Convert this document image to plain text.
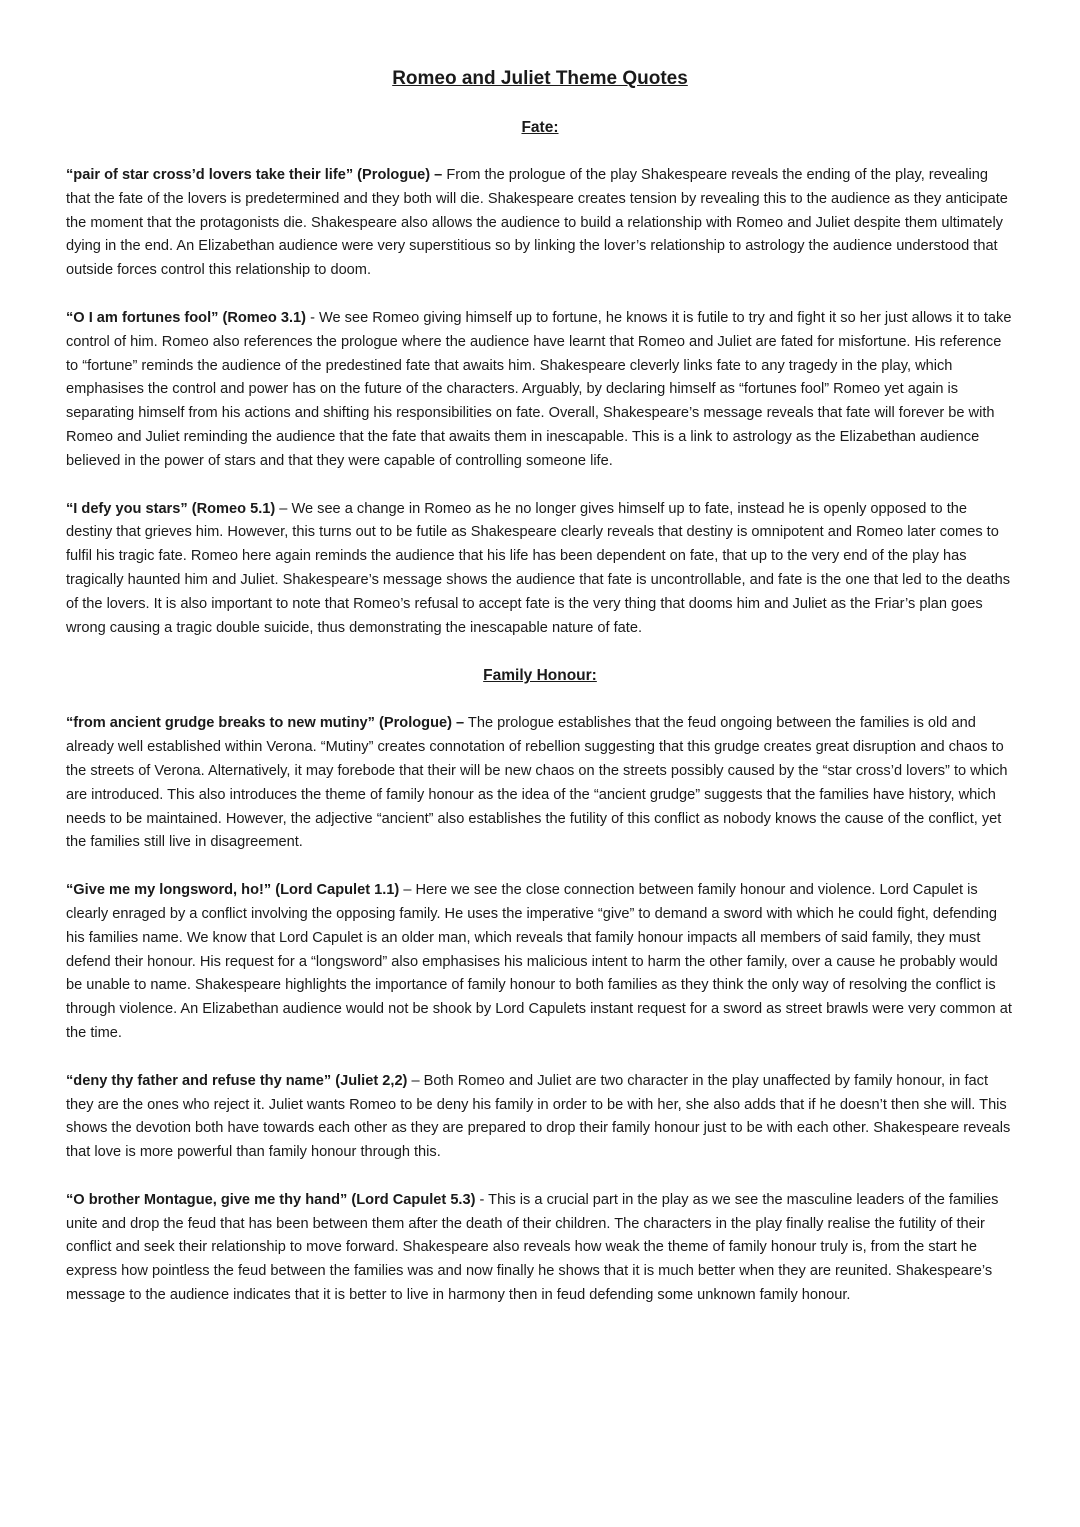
Romeo and Juliet Theme Quotes
Fate:

“pair of star cross’d lovers take their life” (Prologue) – From the prologue of the play Shakespeare reveals the ending of the play, revealing that the fate of the lovers is predetermined and they both will die. Shakespeare creates tension by revealing this to the audience as they anticipate the moment that the protagonists die. Shakespeare also allows the audience to build a relationship with Romeo and Juliet despite them ultimately dying in the end. An Elizabethan audience were very superstitious so by linking the lover’s relationship to astrology the audience understood that outside forces control this relationship to doom.

“O I am fortunes fool” (Romeo 3.1) - We see Romeo giving himself up to fortune, he knows it is futile to try and fight it so her just allows it to take control of him. Romeo also references the prologue where the audience have learnt that Romeo and Juliet are fated for misfortune. His reference to “fortune” reminds the audience of the predestined fate that awaits him. Shakespeare cleverly links fate to any tragedy in the play, which emphasises the control and power has on the future of the characters. Arguably, by declaring himself as “fortunes fool” Romeo yet again is separating himself from his actions and shifting his responsibilities on fate. Overall, Shakespeare’s message reveals that fate will forever be with Romeo and Juliet reminding the audience that the fate that awaits them in inescapable. This is a link to astrology as the Elizabethan audience believed in the power of stars and that they were capable of controlling someone life.

“I defy you stars” (Romeo 5.1) – We see a change in Romeo as he no longer gives himself up to fate, instead he is openly opposed to the destiny that grieves him. However, this turns out to be futile as Shakespeare clearly reveals that destiny is omnipotent and Romeo later comes to fulfil his tragic fate. Romeo here again reminds the audience that his life has been dependent on fate, that up to the very end of the play has tragically haunted him and Juliet. Shakespeare’s message shows the audience that fate is uncontrollable, and fate is the one that led to the deaths of the lovers. It is also important to note that Romeo’s refusal to accept fate is the very thing that dooms him and Juliet as the Friar’s plan goes wrong causing a tragic double suicide, thus demonstrating the inescapable nature of fate.

Family Honour:

“from ancient grudge breaks to new mutiny” (Prologue) – The prologue establishes that the feud ongoing between the families is old and already well established within Verona. “Mutiny” creates connotation of rebellion suggesting that this grudge creates great disruption and chaos to the streets of Verona. Alternatively, it may forebode that their will be new chaos on the streets possibly caused by the “star cross’d lovers” to which are introduced. This also introduces the theme of family honour as the idea of the “ancient grudge” suggests that the families have history, which needs to be maintained. However, the adjective “ancient” also establishes the futility of this conflict as nobody knows the cause of the conflict, yet the families still live in disagreement.

“Give me my longsword, ho!” (Lord Capulet 1.1) – Here we see the close connection between family honour and violence. Lord Capulet is clearly enraged by a conflict involving the opposing family. He uses the imperative “give” to demand a sword with which he could fight, defending his families name. We know that Lord Capulet is an older man, which reveals that family honour impacts all members of said family, they must defend their honour. His request for a “longsword” also emphasises his malicious intent to harm the other family, over a cause he probably would be unable to name. Shakespeare highlights the importance of family honour to both families as they think the only way of resolving the conflict is through violence. An Elizabethan audience would not be shook by Lord Capulets instant request for a sword as street brawls were very common at the time.

“deny thy father and refuse thy name” (Juliet 2,2) – Both Romeo and Juliet are two character in the play unaffected by family honour, in fact they are the ones who reject it. Juliet wants Romeo to be deny his family in order to be with her, she also adds that if he doesn’t then she will. This shows the devotion both have towards each other as they are prepared to drop their family honour just to be with each other. Shakespeare reveals that love is more powerful than family honour through this.

“O brother Montague, give me thy hand” (Lord Capulet 5.3) - This is a crucial part in the play as we see the masculine leaders of the families unite and drop the feud that has been between them after the death of their children. The characters in the play finally realise the futility of their conflict and seek their relationship to move forward. Shakespeare also reveals how weak the theme of family honour truly is, from the start he express how pointless the feud between the families was and now finally he shows that it is much better when they are reunited. Shakespeare’s message to the audience indicates that it is better to live in harmony then in feud defending some unknown family honour.
